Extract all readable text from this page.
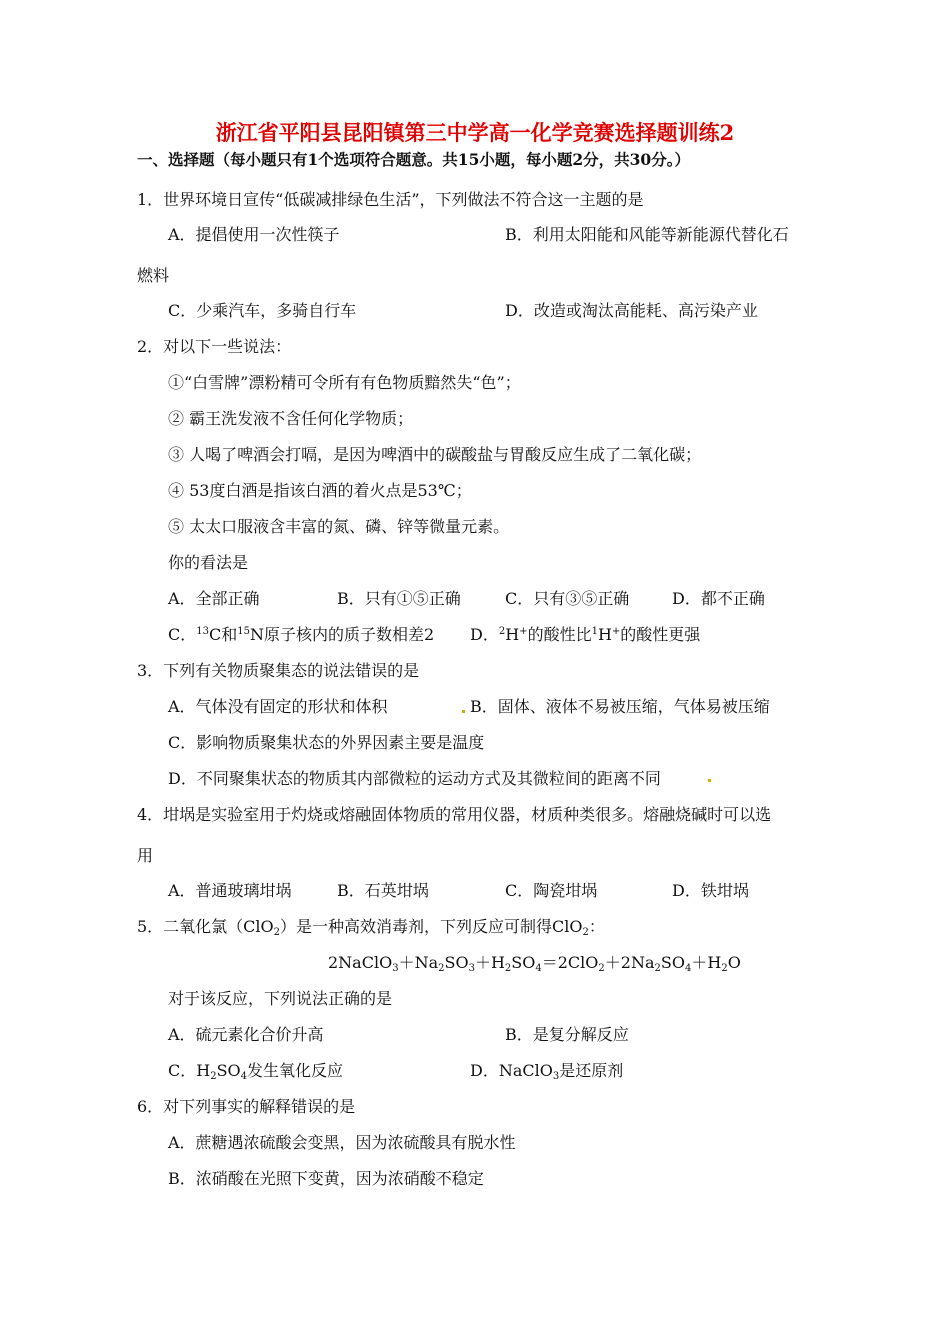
浙江省平阳县昆阳镇第三中学高一化学竞赛选择题训练2
一、选择题（每小题只有1个选项符合题意。共15小题，每小题2分，共30分。）
1．世界环境日宣传“低碳减排绿色生活”，下列做法不符合这一主题的是
A．提倡使用一次性筷子	B．利用太阳能和风能等新能源代替化石
燃料
C．少乘汽车，多骑自行车	D．改造或淘汰高能耗、高污染产业
2．对以下一些说法：
①“白雪牌”漂粉精可令所有有色物质黯然失“色”；
② 霸王洗发液不含任何化学物质；
③ 人喝了啤酒会打嗝，是因为啤酒中的碳酸盐与胃酸反应生成了二氧化碳；
④ 53度白酒是指该白酒的着火点是53℃；
⑤ 太太口服液含丰富的氮、磷、锌等微量元素。
你的看法是
A．全部正确	B．只有①⑤正确	C．只有③⑤正确	D．都不正确
C．$^{13}$C和$^{15}$N原子核内的质子数相差2 D．$^2$H+的酸性比$^1$H+的酸性更强
3．下列有关物质聚集态的说法错误的是
A．气体没有固定的形状和体积	B．固体、液体不易被压缩，气体易被压缩
C．影响物质聚集状态的外界因素主要是温度
D．不同聚集状态的物质其内部微粒的运动方式及其微粒间的距离不同
4．坩埚是实验室用于灼烧或熔融固体物质的常用仪器，材质种类很多。熔融烧碱时可以选
用
A．普通玻璃坩埚	B．石英坩埚	C．陶瓷坩埚	D．铁坩埚
5．二氧化氯（ClO$_2$）是一种高效消毒剂，下列反应可制得ClO$_2$：
$2NaClO_3+Na_2SO_3+H_2SO_4=2ClO_2+2Na_2SO_4+H_2O$
对于该反应，下列说法正确的是
A．硫元素化合价升高	B．是复分解反应
C．$H_2SO_4$发生氧化反应	D．NaClO$_3$是还原剂
6．对下列事实的解释错误的是
A．蔗糖遇浓硫酸会变黑，因为浓硫酸具有脱水性
B．浓硝酸在光照下变黄，因为浓硝酸不稳定
